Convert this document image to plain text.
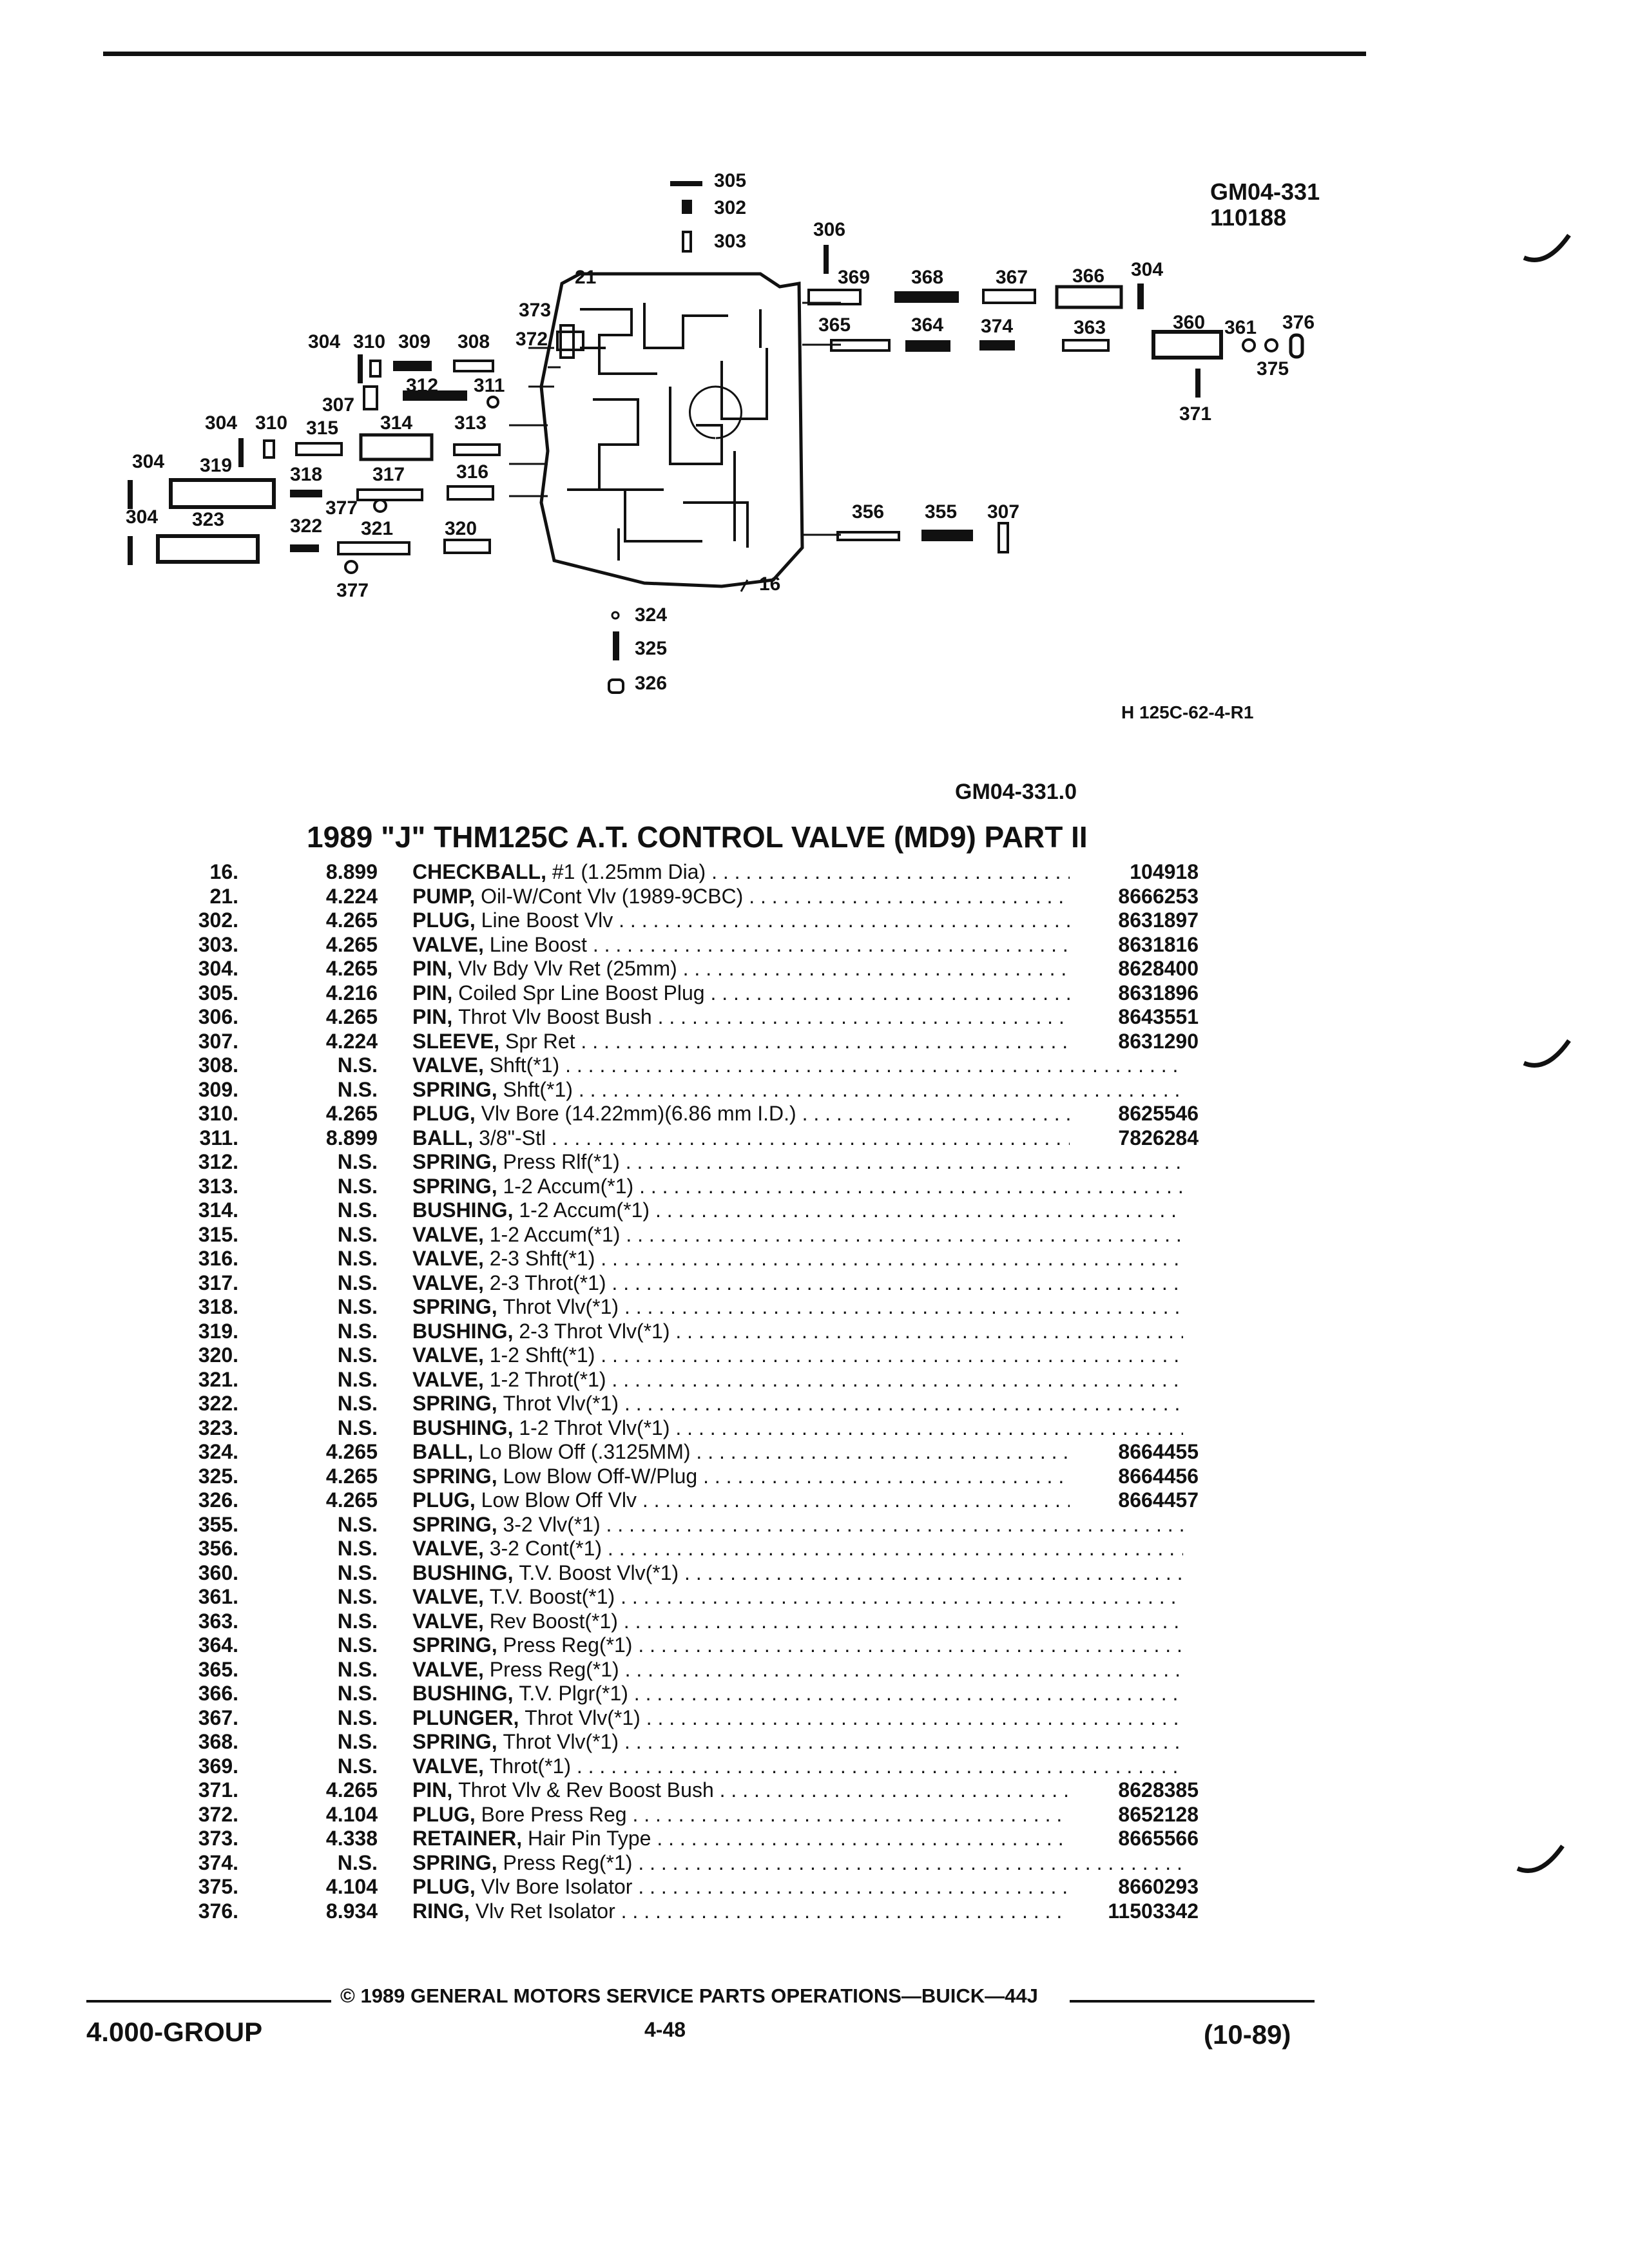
305
302
303
306
21
373
372
369 368	367 366 304
365	364 374	363	360 361 376
375
371
304 310 309 308
312 311
307
304 310 315 314 313
304 319	318	317	316
304 323	322 321
377
320
377
356 355 307
16
324
325
326
GM04-331
110188
H 125C-62-4-R1
GM04-331.0
1989 "J" THM125C A.T. CONTROL VALVE (MD9) PART II
16.	8.899 CHECKBALL, #1 (1.25mm Dia) . . .	104918
21.	4.224 PUMP, Oil-W/Cont Vlv (1989-9CBC) . . .	8666253
302.	4.265 PLUG, Line Boost Vlv . . .	8631897
303.	4.265 VALVE, Line Boost . . .	8631816
304.	4.265 PIN, Vlv Bdy Vlv Ret (25mm) . . .	8628400
305.	4.216 PIN, Coiled Spr Line Boost Plug . . .	8631896
306.	4.265 PIN, Throt Vlv Boost Bush . . .	8643551
307.	4.224 SLEEVE, Spr Ret . . .	8631290
308.	N.S. VALVE, Shft(*1) . . .
309.	N.S. SPRING, Shft(*1) . . .
310.	4.265 PLUG, Vlv Bore (14.22mm)(6.86 mm I.D.) . . .	8625546
311.	8.899 BALL, 3/8"-Stl . . .	7826284
312.	N.S. SPRING, Press Rlf(*1) . . .
313.	N.S. SPRING, 1-2 Accum(*1) . . .
314.	N.S. BUSHING, 1-2 Accum(*1) . . .
315.	N.S. VALVE, 1-2 Accum(*1) . . .
316.	N.S. VALVE, 2-3 Shft(*1) . . .
317.	N.S. VALVE, 2-3 Throt(*1) . . .
318.	N.S. SPRING, Throt Vlv(*1) . . .
319.	N.S. BUSHING, 2-3 Throt Vlv(*1) . . .
320.	N.S. VALVE, 1-2 Shft(*1) . . .
321.	N.S. VALVE, 1-2 Throt(*1) . . .
322.	N.S. SPRING, Throt Vlv(*1) . . .
323.	N.S. BUSHING, 1-2 Throt Vlv(*1) . . .
324.	4.265 BALL, Lo Blow Off (.3125MM) . . .	8664455
325.	4.265 SPRING, Low Blow Off-W/Plug . . .	8664456
326.	4.265 PLUG, Low Blow Off Vlv . . .	8664457
355.	N.S. SPRING, 3-2 Vlv(*1) . . .
356.	N.S. VALVE, 3-2 Cont(*1) . . .
360.	N.S. BUSHING, T.V. Boost Vlv(*1) . . .
361.	N.S. VALVE, T.V. Boost(*1) . . .
363.	N.S. VALVE, Rev Boost(*1) . . .
364.	N.S. SPRING, Press Reg(*1) . . .
365.	N.S. VALVE, Press Reg(*1) . . .
366.	N.S. BUSHING, T.V. Plgr(*1) . . .
367.	N.S. PLUNGER, Throt Vlv(*1) . . .
368.	N.S. SPRING, Throt Vlv(*1) . . .
369.	N.S. VALVE, Throt(*1) . . .
371.	4.265 PIN, Throt Vlv & Rev Boost Bush . . .	8628385
372.	4.104 PLUG, Bore Press Reg . . .	8652128
373.	4.338 RETAINER, Hair Pin Type . . .	8665566
374.	N.S. SPRING, Press Reg(*1) . . .
375.	4.104 PLUG, Vlv Bore Isolator . . .	8660293
376.	8.934 RING, Vlv Ret Isolator . . .	11503342
© 1989 GENERAL MOTORS SERVICE PARTS OPERATIONS—BUICK—44J
4.000-GROUP	4-48	(10-89)
